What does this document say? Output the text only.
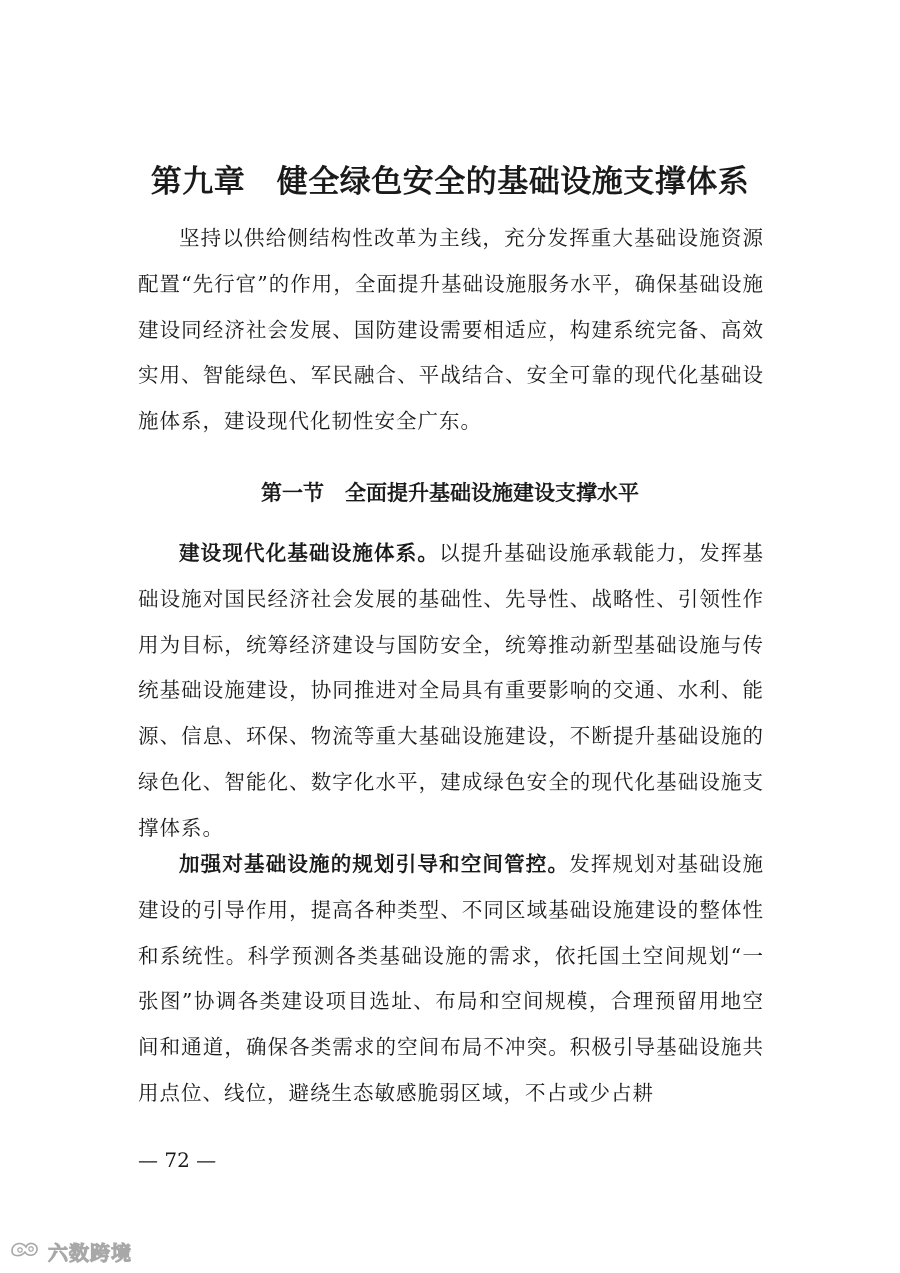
第九章　健全绿色安全的基础设施支撑体系

坚持以供给侧结构性改革为主线，充分发挥重大基础设施资源配置“先行官”的作用，全面提升基础设施服务水平，确保基础设施建设同经济社会发展、国防建设需要相适应，构建系统完备、高效实用、智能绿色、军民融合、平战结合、安全可靠的现代化基础设施体系，建设现代化韧性安全广东。

第一节　全面提升基础设施建设支撑水平

建设现代化基础设施体系。以提升基础设施承载能力，发挥基础设施对国民经济社会发展的基础性、先导性、战略性、引领性作用为目标，统筹经济建设与国防安全，统筹推动新型基础设施与传统基础设施建设，协同推进对全局具有重要影响的交通、水利、能源、信息、环保、物流等重大基础设施建设，不断提升基础设施的绿色化、智能化、数字化水平，建成绿色安全的现代化基础设施支撑体系。

加强对基础设施的规划引导和空间管控。发挥规划对基础设施建设的引导作用，提高各种类型、不同区域基础设施建设的整体性和系统性。科学预测各类基础设施的需求，依托国土空间规划“一张图”协调各类建设项目选址、布局和空间规模，合理预留用地空间和通道，确保各类需求的空间布局不冲突。积极引导基础设施共用点位、线位，避绕生态敏感脆弱区域，不占或少占耕

— 72 —
六数跨境
